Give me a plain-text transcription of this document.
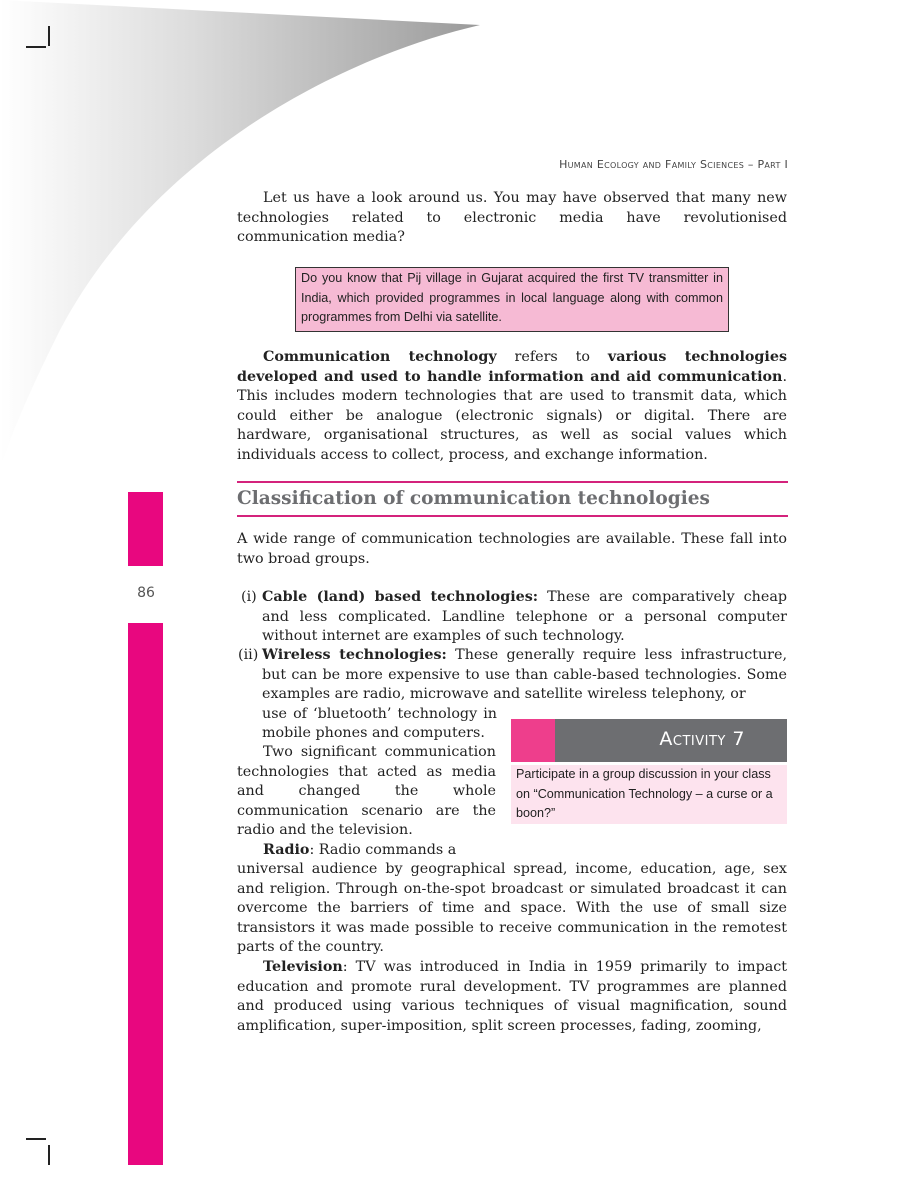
86
Human Ecology and Family Sciences – Part I

Let us have a look around us. You may have observed that many new technologies related to electronic media have revolutionised communication media?

Do you know that Pij village in Gujarat acquired the first TV transmitter in India, which provided programmes in local language along with common programmes from Delhi via satellite.

Communication technology refers to various technologies developed and used to handle information and aid communication. This includes modern technologies that are used to transmit data, which could either be analogue (electronic signals) or digital. There are hardware, organisational structures, as well as social values which individuals access to collect, process, and exchange information.

Classification of communication technologies

A wide range of communication technologies are available. These fall into two broad groups.

(i) Cable (land) based technologies: These are comparatively cheap and less complicated. Landline telephone or a personal computer without internet are examples of such technology.
(ii) Wireless technologies: These generally require less infrastructure, but can be more expensive to use than cable-based technologies. Some examples are radio, microwave and satellite wireless telephony, or
use of ‘bluetooth’ technology in mobile phones and computers.

Two significant communication technologies that acted as media and changed the whole communication scenario are the radio and the television.

Radio: Radio commands a

universal audience by geographical spread, income, education, age, sex and religion. Through on-the-spot broadcast or simulated broadcast it can overcome the barriers of time and space. With the use of small size transistors it was made possible to receive communication in the remotest parts of the country.

Television: TV was introduced in India in 1959 primarily to impact education and promote rural development. TV programmes are planned and produced using various techniques of visual magnification, sound amplification, super-imposition, split screen processes, fading, zooming,

Activity 7
Participate in a group discussion in your class on “Communication Technology – a curse or a boon?”
